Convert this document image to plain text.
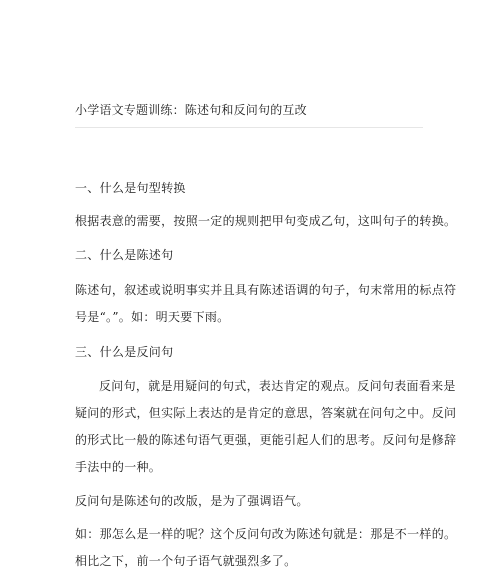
小学语文专题训练：陈述句和反问句的互改
一、什么是句型转换
根据表意的需要，按照一定的规则把甲句变成乙句，这叫句子的转换。
二、什么是陈述句
陈述句，叙述或说明事实并且具有陈述语调的句子，句末常用的标点符
号是“。”。如：明天要下雨。
三、什么是反问句
反问句，就是用疑问的句式，表达肯定的观点。反问句表面看来是
疑问的形式，但实际上表达的是肯定的意思，答案就在问句之中。反问
的形式比一般的陈述句语气更强，更能引起人们的思考。反问句是修辞
手法中的一种。
反问句是陈述句的改版，是为了强调语气。
如：那怎么是一样的呢？这个反问句改为陈述句就是：那是不一样的。
相比之下，前一个句子语气就强烈多了。
